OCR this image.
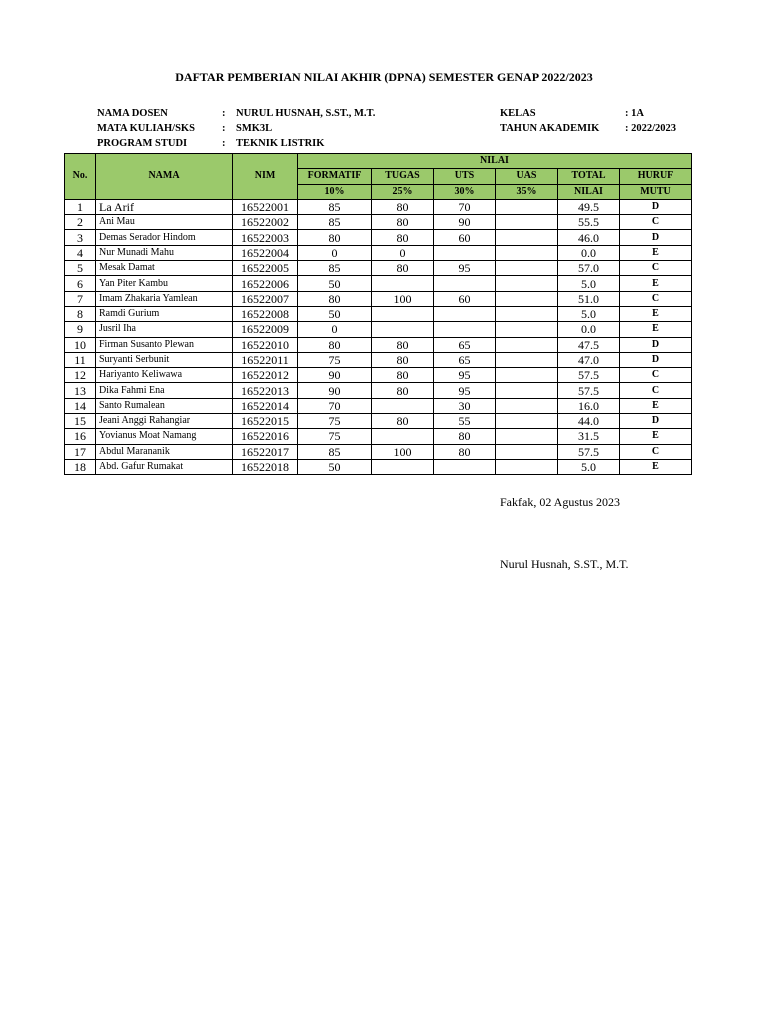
DAFTAR PEMBERIAN NILAI AKHIR (DPNA) SEMESTER GENAP 2022/2023
NAMA DOSEN	: NURUL HUSNAH, S.ST., M.T.
MATA KULIAH/SKS	: SMK3L
PROGRAM STUDI	: TEKNIK LISTRIK
KELAS	: 1A
TAHUN AKADEMIK : 2022/2023
No.	NAMA	NIM	NILAI					
			FORMATIF	TUGAS	UTS	UAS	TOTAL	HURUF
			10%	25%	30%	35%	NILAI	MUTU
1	La Arif	16522001	85	80	70		49.5	D
2	Ani Mau	16522002	85	80	90		55.5	C
3	Demas Serador Hindom	16522003	80	80	60		46.0	D
4	Nur Munadi Mahu	16522004	0	0			0.0	E
5	Mesak Damat	16522005	85	80	95		57.0	C
6	Yan Piter Kambu	16522006	50				5.0	E
7	Imam Zhakaria Yamlean	16522007	80	100	60		51.0	C
8	Ramdi Gurium	16522008	50				5.0	E
9	Jusril Iha	16522009	0				0.0	E
10	Firman Susanto Plewan	16522010	80	80	65		47.5	D
11	Suryanti Serbunit	16522011	75	80	65		47.0	D
12	Hariyanto Keliwawa	16522012	90	80	95		57.5	C
13	Dika Fahmi Ena	16522013	90	80	95		57.5	C
14	Santo Rumalean	16522014	70		30		16.0	E
15	Jeani Anggi Rahangiar	16522015	75	80	55		44.0	D
16	Yovianus Moat Namang	16522016	75		80		31.5	E
17	Abdul Marananik	16522017	85	100	80		57.5	C
18	Abd. Gafur Rumakat	16522018	50				5.0	E
Fakfak, 02 Agustus 2023
Nurul Husnah, S.ST., M.T.
